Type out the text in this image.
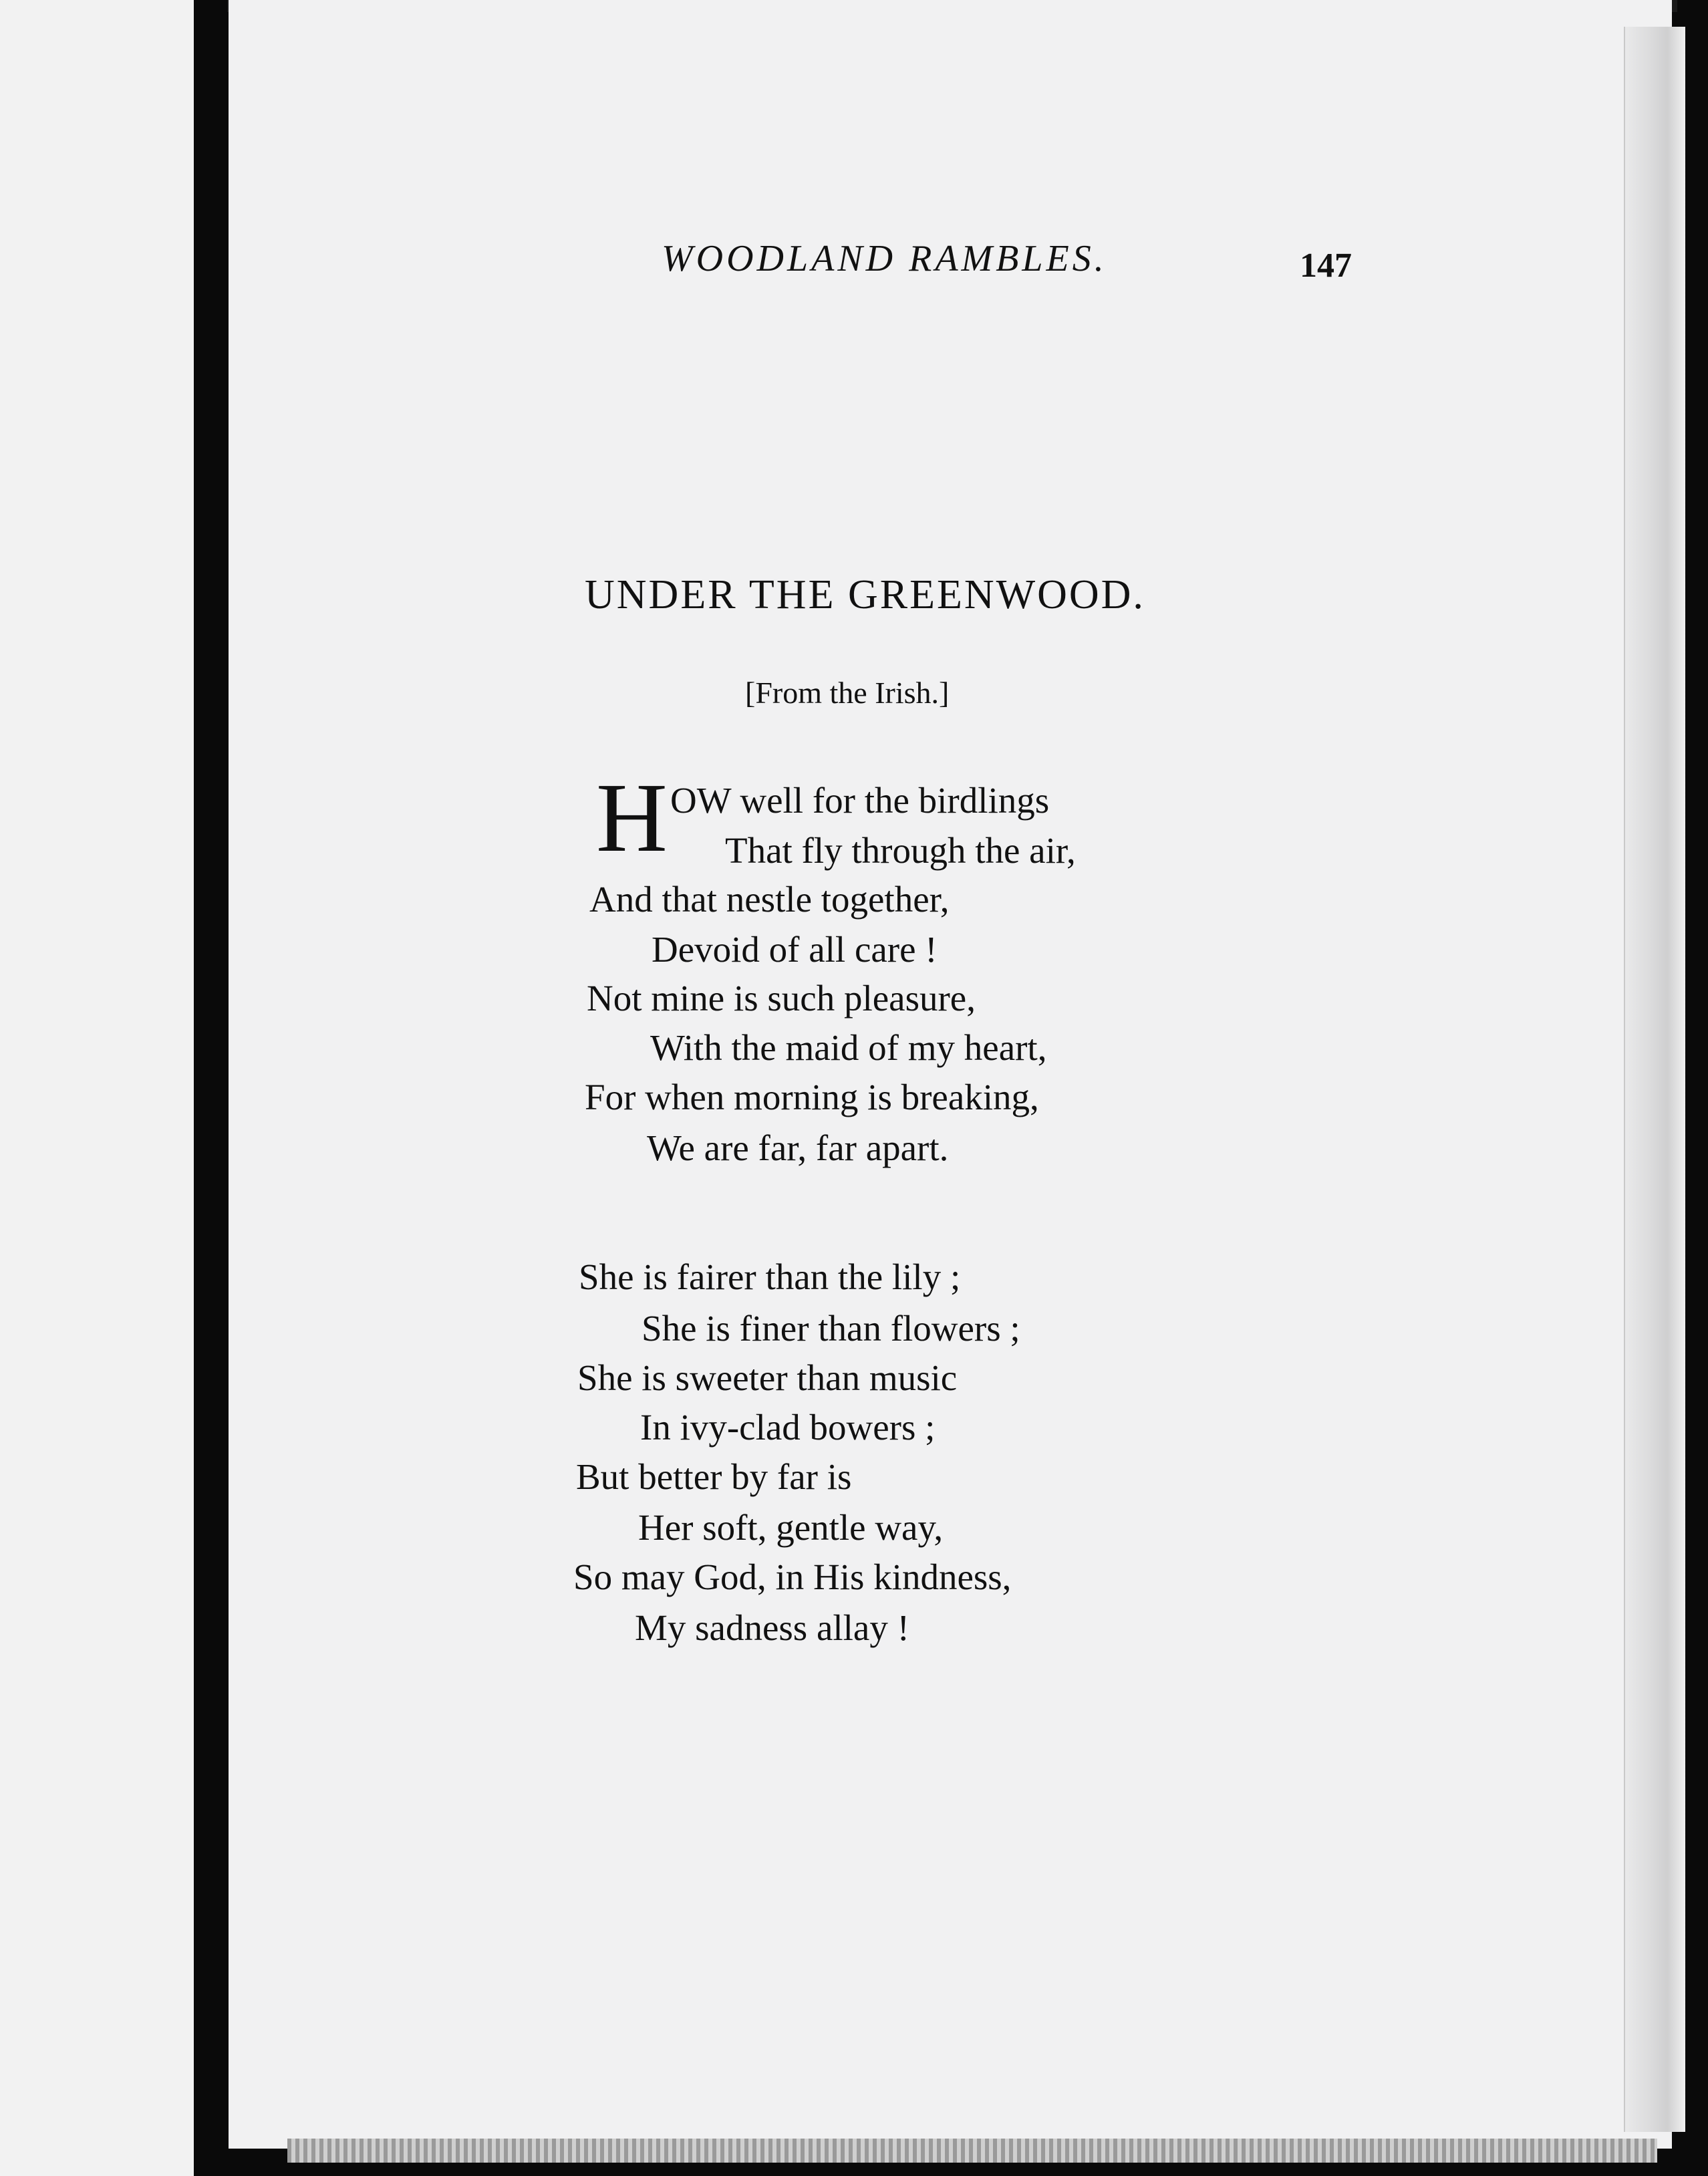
WOODLAND RAMBLES.	147
UNDER THE GREENWOOD.
[From the Irish.]
H OW well for the birdlings
That fly through the air,
And that nestle together,
Devoid of all care !
Not mine is such pleasure,
With the maid of my heart,
For when morning is breaking,
We are far, far apart.
She is fairer than the lily ;
She is finer than flowers ;
She is sweeter than music
In ivy-clad bowers ;
But better by far is
Her soft, gentle way,
So may God, in His kindness,
My sadness allay !
